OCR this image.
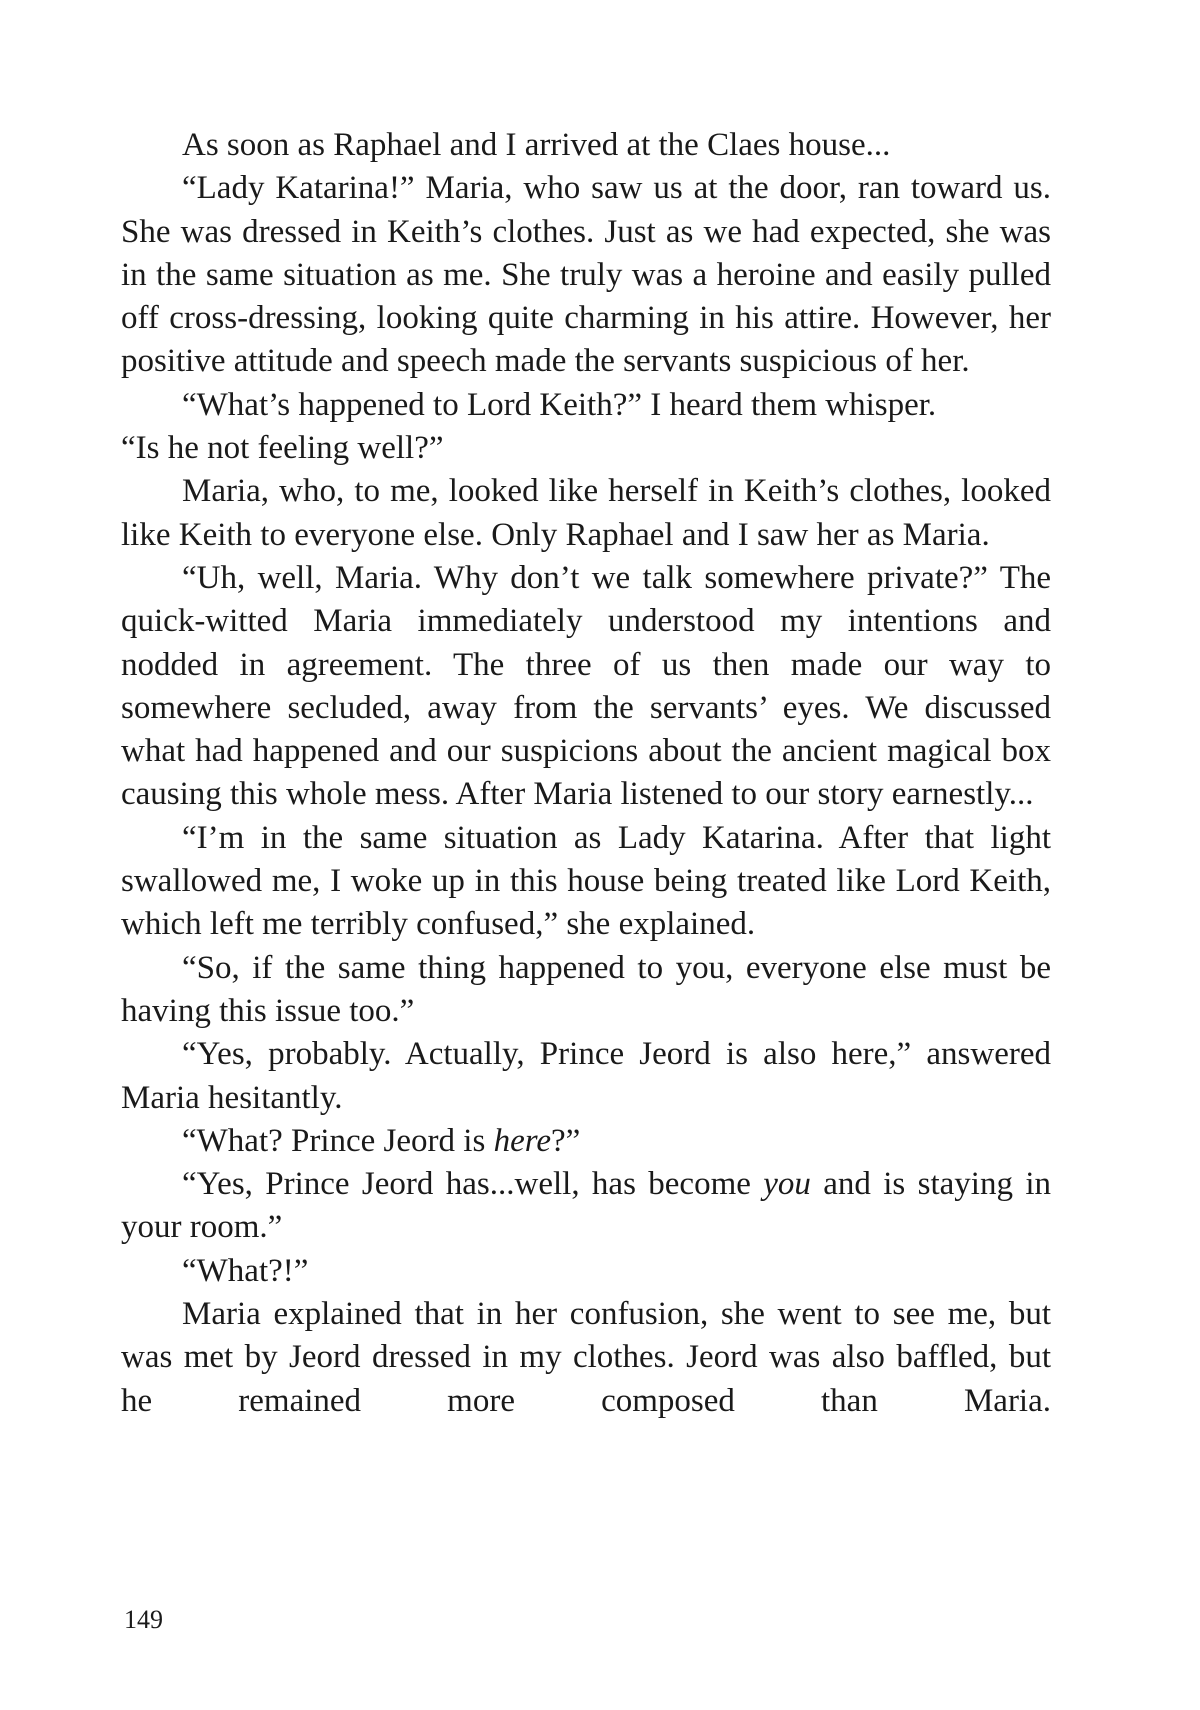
As soon as Raphael and I arrived at the Claes house...

“Lady Katarina!” Maria, who saw us at the door, ran toward us. She was dressed in Keith’s clothes. Just as we had expected, she was in the same situation as me. She truly was a heroine and easily pulled off cross-dressing, looking quite charming in his attire. However, her positive attitude and speech made the servants suspicious of her.

“What’s happened to Lord Keith?” I heard them whisper.

“Is he not feeling well?”

Maria, who, to me, looked like herself in Keith’s clothes, looked like Keith to everyone else. Only Raphael and I saw her as Maria.

“Uh, well, Maria. Why don’t we talk somewhere private?” The quick-witted Maria immediately understood my intentions and nodded in agreement. The three of us then made our way to somewhere secluded, away from the servants’ eyes. We discussed what had happened and our suspicions about the ancient magical box causing this whole mess. After Maria listened to our story earnestly...

“I’m in the same situation as Lady Katarina. After that light swallowed me, I woke up in this house being treated like Lord Keith, which left me terribly confused,” she explained.

“So, if the same thing happened to you, everyone else must be having this issue too.”

“Yes, probably. Actually, Prince Jeord is also here,” answered Maria hesitantly.

“What? Prince Jeord is here?”

“Yes, Prince Jeord has...well, has become you and is staying in your room.”

“What?!”

Maria explained that in her confusion, she went to see me, but was met by Jeord dressed in my clothes. Jeord was also baffled, but he remained more composed than Maria.

149
